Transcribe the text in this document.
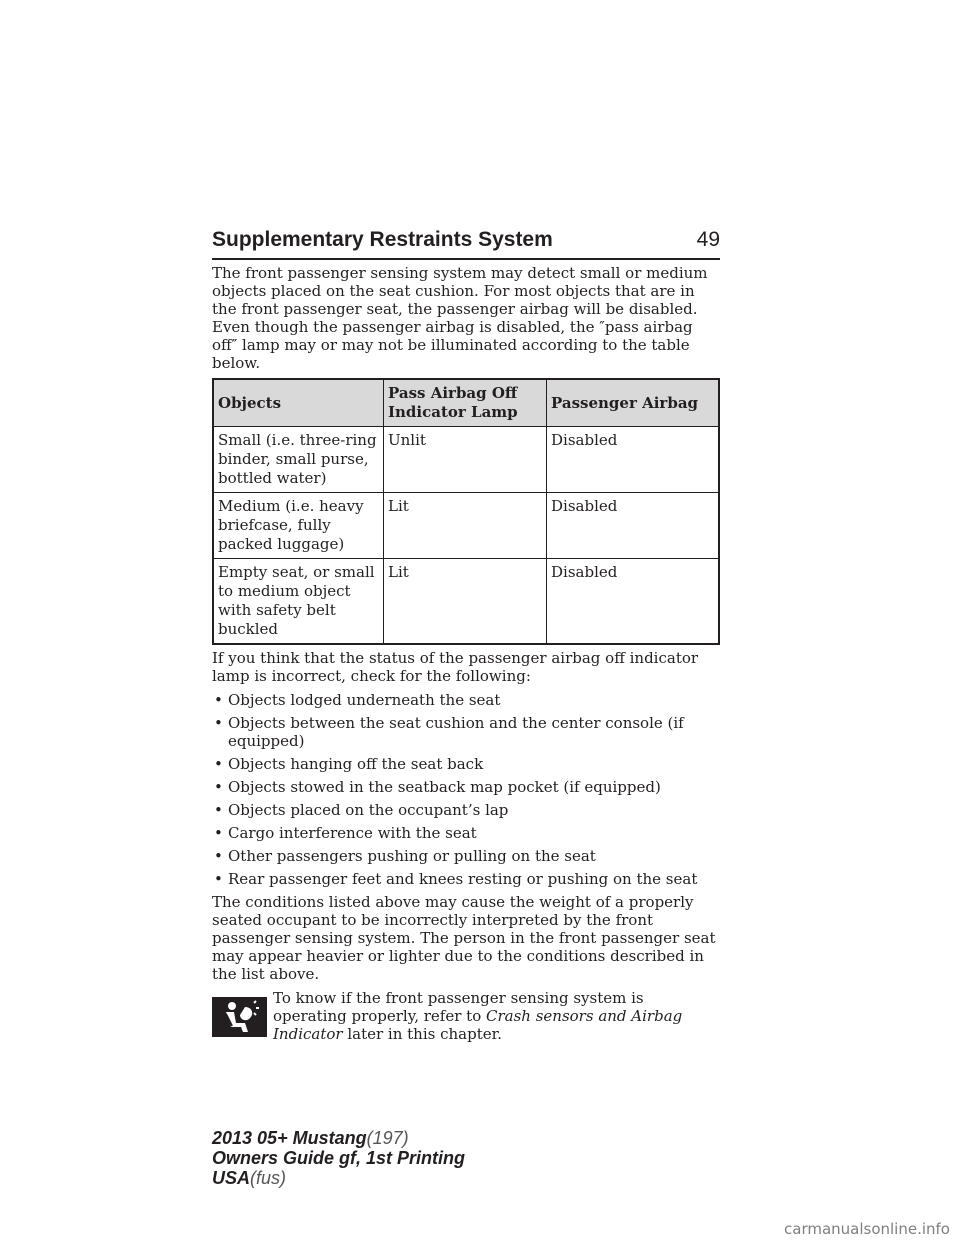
Supplementary Restraints System	49

The front passenger sensing system may detect small or medium objects placed on the seat cushion. For most objects that are in the front passenger seat, the passenger airbag will be disabled. Even though the passenger airbag is disabled, the ″pass airbag off″ lamp may or may not be illuminated according to the table below.

Objects	Pass Airbag Off Indicator Lamp	Passenger Airbag
Small (i.e. three-ring binder, small purse, bottled water)	Unlit	Disabled
Medium (i.e. heavy briefcase, fully packed luggage)	Lit	Disabled
Empty seat, or small to medium object with safety belt buckled	Lit	Disabled

If you think that the status of the passenger airbag off indicator lamp is incorrect, check for the following:

• Objects lodged underneath the seat
• Objects between the seat cushion and the center console (if equipped)
• Objects hanging off the seat back
• Objects stowed in the seatback map pocket (if equipped)
• Objects placed on the occupant’s lap
• Cargo interference with the seat
• Other passengers pushing or pulling on the seat
• Rear passenger feet and knees resting or pushing on the seat

The conditions listed above may cause the weight of a properly seated occupant to be incorrectly interpreted by the front passenger sensing system. The person in the front passenger seat may appear heavier or lighter due to the conditions described in the list above.

To know if the front passenger sensing system is operating properly, refer to Crash sensors and Airbag Indicator later in this chapter.
2013 05+ Mustang(197)
Owners Guide gf, 1st Printing
USA(fus)
carmanualsonline.info
